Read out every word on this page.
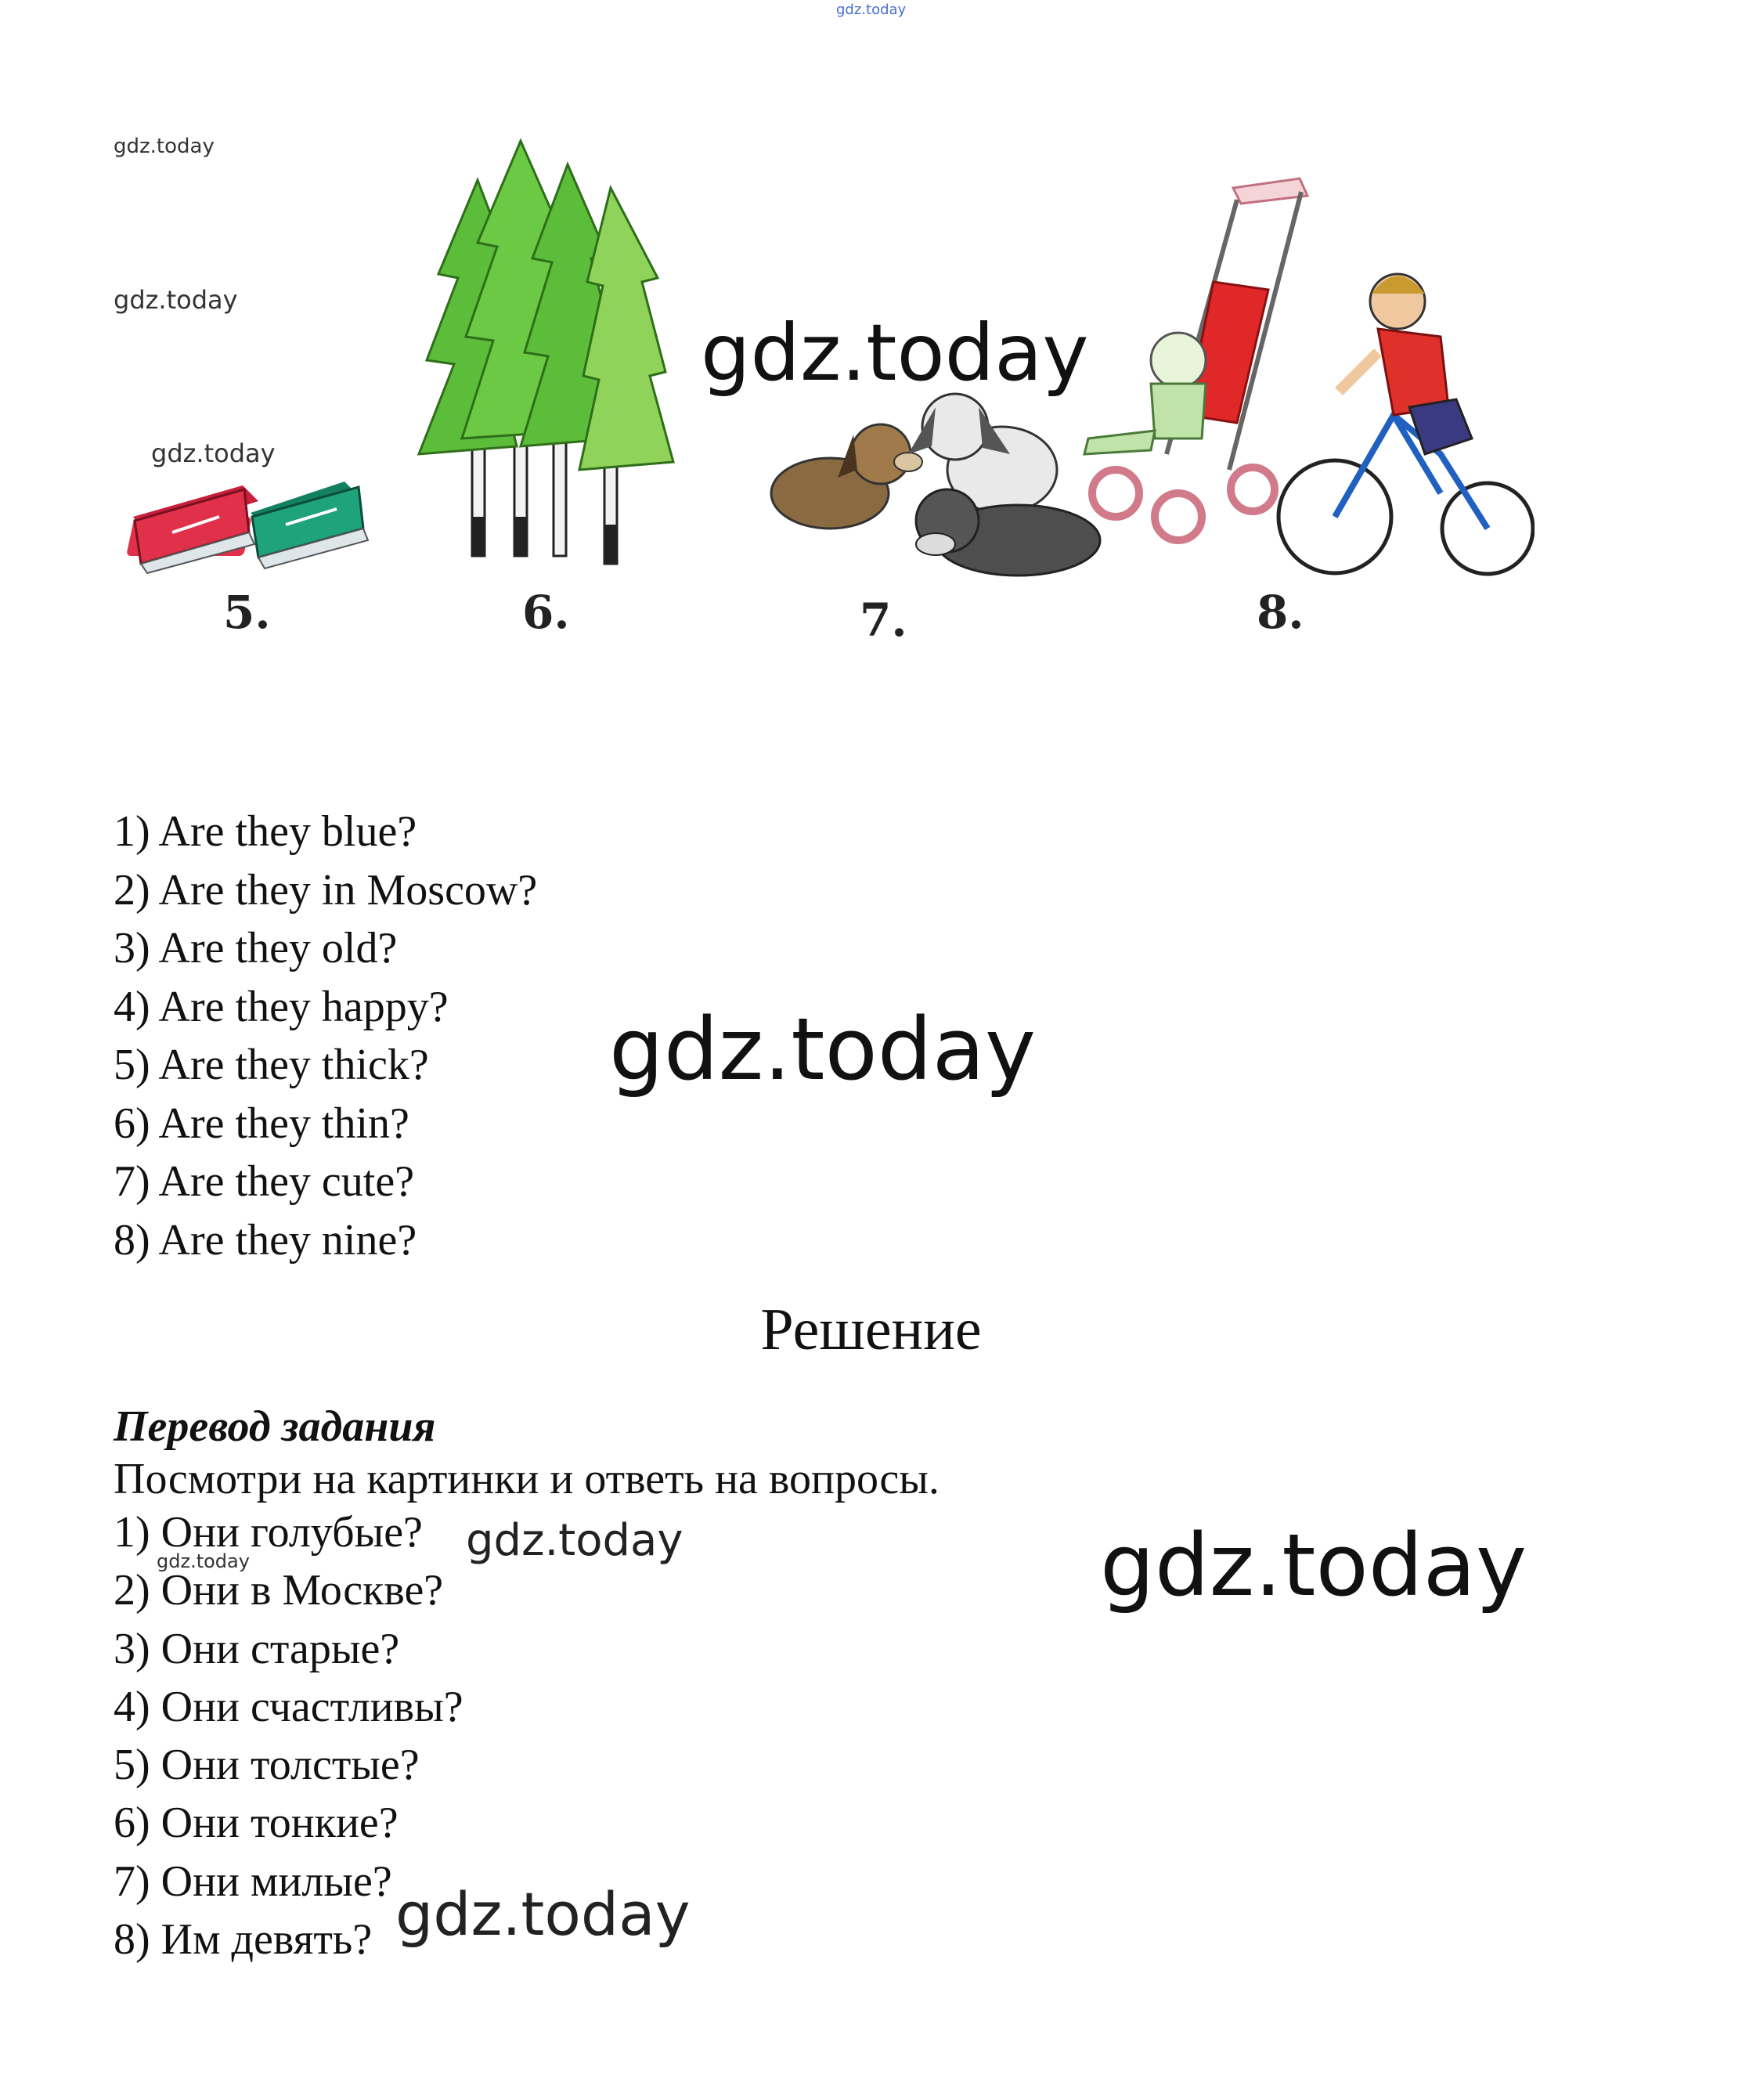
gdz.today
gdz.today
gdz.today
gdz.today
5.	6.	7.	8.
gdz.today
1) Are they blue?
2) Are they in Moscow?
3) Are they old?
4) Are they happy?
5) Are they thick?
6) Are they thin?
7) Are they cute?
8) Are they nine?
gdz.today
Решение
Перевод задания
Посмотри на картинки и ответь на вопросы.
1) Они голубые?
2) Они в Москве?
3) Они старые?
4) Они счастливы?
5) Они толстые?
6) Они тонкие?
7) Они милые?
8) Им девять?
gdz.today
gdz.today	gdz.today
gdz.today
